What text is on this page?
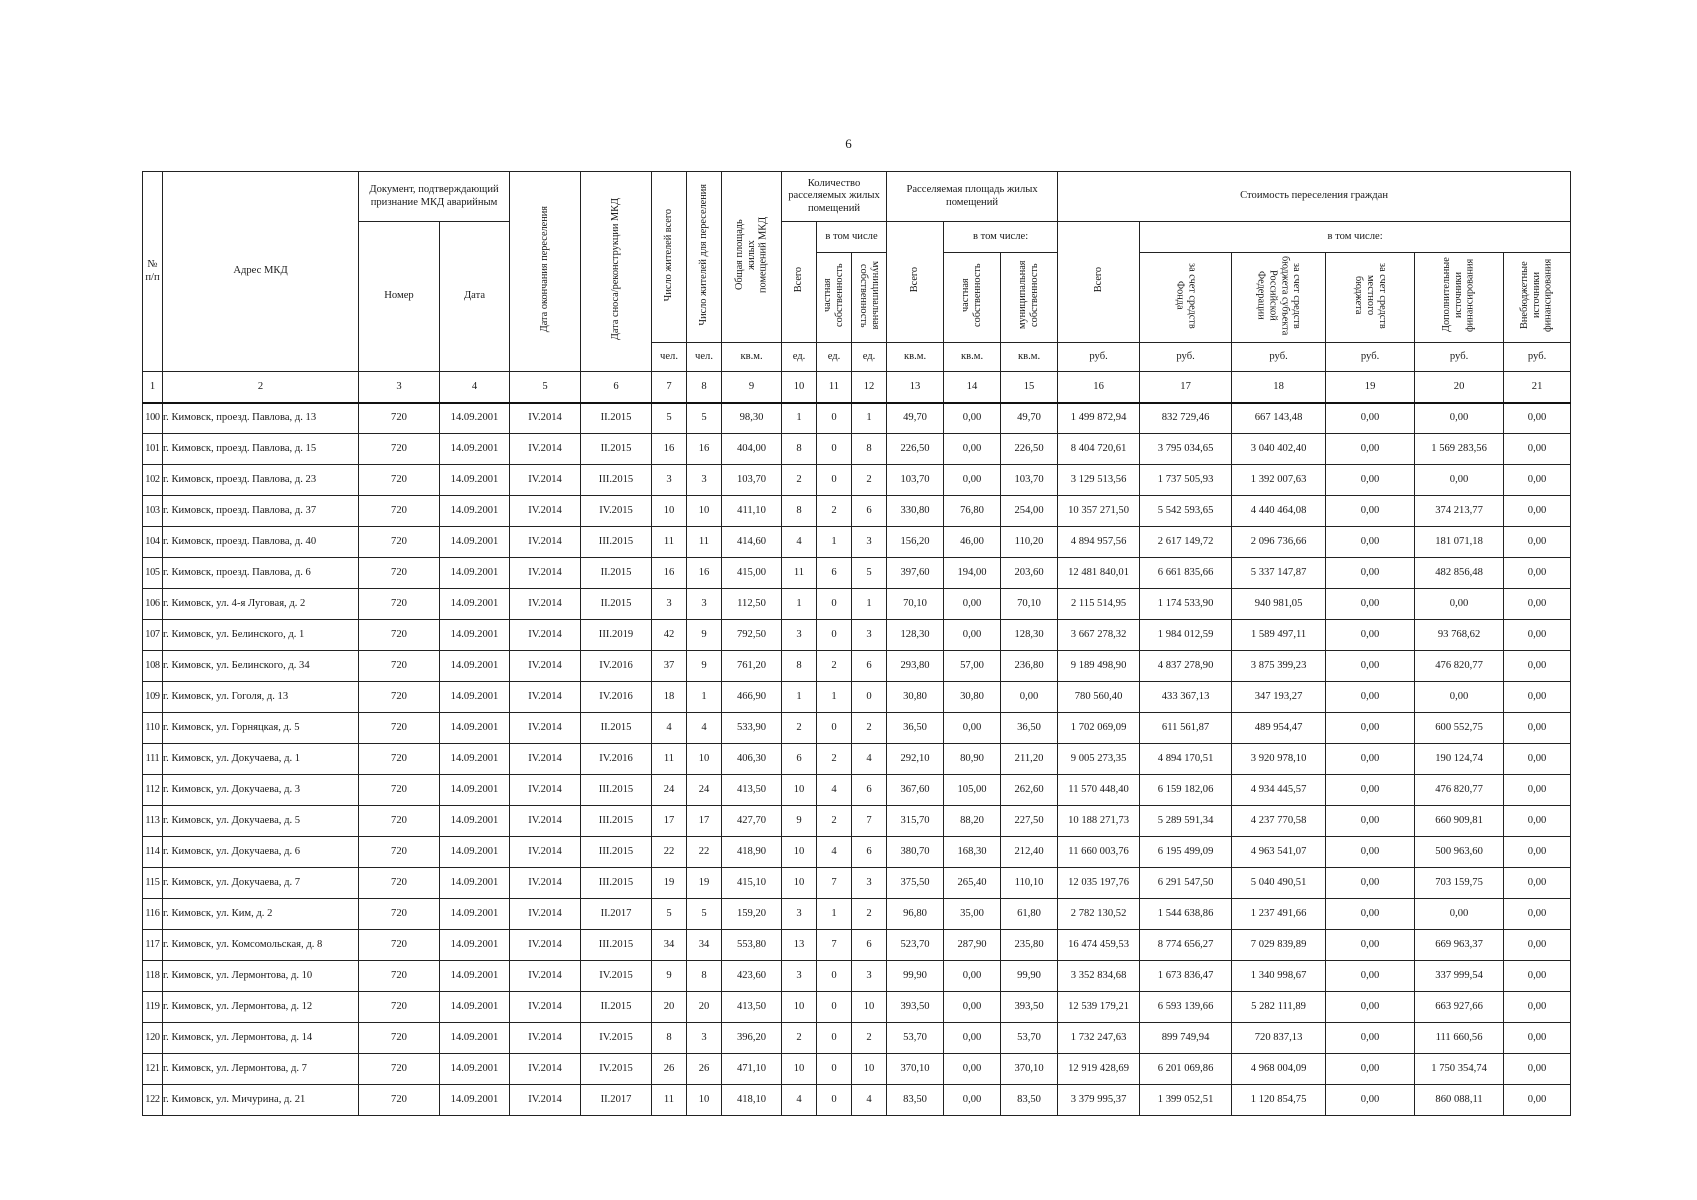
6
№ п/п	Адрес МКД	Документ, подтверждающий признание МКД аварийным		Дата окончания переселения	Дата сноса/реконструкции МКД	Число жителей всего	Число жителей для переселения	Общая площадь жилых помещений МКД	Количество расселяемых жилых помещений			Расселяемая площадь жилых помещений			Стоимость переселения граждан					
		Номер	Дата						Всего	в том числе		Всего	в том числе:		Всего	в том числе:				
										частная собственность	муниципальная собственность		частная собственность	муниципальная собственность		за счет средств Фонда	за счет средств бюджета субъекта Российской Федерации	за счет средств местного бюджета	Дополнительные источники финансирования	Внебюджетные источники финансирования
						чел.	чел.	кв.м.	ед.	ед.	ед.	кв.м.	кв.м.	кв.м.	руб.	руб.	руб.	руб.	руб.	руб.
1	2	3	4	5	6	7	8	9	10	11	12	13	14	15	16	17	18	19	20	21
100	г. Кимовск, проезд. Павлова, д. 13	720	14.09.2001	IV.2014	II.2015	5	5	98,30	1	0	1	49,70	0,00	49,70	1 499 872,94	832 729,46	667 143,48	0,00	0,00	0,00
101	г. Кимовск, проезд. Павлова, д. 15	720	14.09.2001	IV.2014	II.2015	16	16	404,00	8	0	8	226,50	0,00	226,50	8 404 720,61	3 795 034,65	3 040 402,40	0,00	1 569 283,56	0,00
102	г. Кимовск, проезд. Павлова, д. 23	720	14.09.2001	IV.2014	III.2015	3	3	103,70	2	0	2	103,70	0,00	103,70	3 129 513,56	1 737 505,93	1 392 007,63	0,00	0,00	0,00
103	г. Кимовск, проезд. Павлова, д. 37	720	14.09.2001	IV.2014	IV.2015	10	10	411,10	8	2	6	330,80	76,80	254,00	10 357 271,50	5 542 593,65	4 440 464,08	0,00	374 213,77	0,00
104	г. Кимовск, проезд. Павлова, д. 40	720	14.09.2001	IV.2014	III.2015	11	11	414,60	4	1	3	156,20	46,00	110,20	4 894 957,56	2 617 149,72	2 096 736,66	0,00	181 071,18	0,00
105	г. Кимовск, проезд. Павлова, д. 6	720	14.09.2001	IV.2014	II.2015	16	16	415,00	11	6	5	397,60	194,00	203,60	12 481 840,01	6 661 835,66	5 337 147,87	0,00	482 856,48	0,00
106	г. Кимовск, ул. 4-я Луговая, д. 2	720	14.09.2001	IV.2014	II.2015	3	3	112,50	1	0	1	70,10	0,00	70,10	2 115 514,95	1 174 533,90	940 981,05	0,00	0,00	0,00
107	г. Кимовск, ул. Белинского, д. 1	720	14.09.2001	IV.2014	III.2019	42	9	792,50	3	0	3	128,30	0,00	128,30	3 667 278,32	1 984 012,59	1 589 497,11	0,00	93 768,62	0,00
108	г. Кимовск, ул. Белинского, д. 34	720	14.09.2001	IV.2014	IV.2016	37	9	761,20	8	2	6	293,80	57,00	236,80	9 189 498,90	4 837 278,90	3 875 399,23	0,00	476 820,77	0,00
109	г. Кимовск, ул. Гоголя, д. 13	720	14.09.2001	IV.2014	IV.2016	18	1	466,90	1	1	0	30,80	30,80	0,00	780 560,40	433 367,13	347 193,27	0,00	0,00	0,00
110	г. Кимовск, ул. Горняцкая, д. 5	720	14.09.2001	IV.2014	II.2015	4	4	533,90	2	0	2	36,50	0,00	36,50	1 702 069,09	611 561,87	489 954,47	0,00	600 552,75	0,00
111	г. Кимовск, ул. Докучаева, д. 1	720	14.09.2001	IV.2014	IV.2016	11	10	406,30	6	2	4	292,10	80,90	211,20	9 005 273,35	4 894 170,51	3 920 978,10	0,00	190 124,74	0,00
112	г. Кимовск, ул. Докучаева, д. 3	720	14.09.2001	IV.2014	III.2015	24	24	413,50	10	4	6	367,60	105,00	262,60	11 570 448,40	6 159 182,06	4 934 445,57	0,00	476 820,77	0,00
113	г. Кимовск, ул. Докучаева, д. 5	720	14.09.2001	IV.2014	III.2015	17	17	427,70	9	2	7	315,70	88,20	227,50	10 188 271,73	5 289 591,34	4 237 770,58	0,00	660 909,81	0,00
114	г. Кимовск, ул. Докучаева, д. 6	720	14.09.2001	IV.2014	III.2015	22	22	418,90	10	4	6	380,70	168,30	212,40	11 660 003,76	6 195 499,09	4 963 541,07	0,00	500 963,60	0,00
115	г. Кимовск, ул. Докучаева, д. 7	720	14.09.2001	IV.2014	III.2015	19	19	415,10	10	7	3	375,50	265,40	110,10	12 035 197,76	6 291 547,50	5 040 490,51	0,00	703 159,75	0,00
116	г. Кимовск, ул. Ким, д. 2	720	14.09.2001	IV.2014	II.2017	5	5	159,20	3	1	2	96,80	35,00	61,80	2 782 130,52	1 544 638,86	1 237 491,66	0,00	0,00	0,00
117	г. Кимовск, ул. Комсомольская, д. 8	720	14.09.2001	IV.2014	III.2015	34	34	553,80	13	7	6	523,70	287,90	235,80	16 474 459,53	8 774 656,27	7 029 839,89	0,00	669 963,37	0,00
118	г. Кимовск, ул. Лермонтова, д. 10	720	14.09.2001	IV.2014	IV.2015	9	8	423,60	3	0	3	99,90	0,00	99,90	3 352 834,68	1 673 836,47	1 340 998,67	0,00	337 999,54	0,00
119	г. Кимовск, ул. Лермонтова, д. 12	720	14.09.2001	IV.2014	II.2015	20	20	413,50	10	0	10	393,50	0,00	393,50	12 539 179,21	6 593 139,66	5 282 111,89	0,00	663 927,66	0,00
120	г. Кимовск, ул. Лермонтова, д. 14	720	14.09.2001	IV.2014	IV.2015	8	3	396,20	2	0	2	53,70	0,00	53,70	1 732 247,63	899 749,94	720 837,13	0,00	111 660,56	0,00
121	г. Кимовск, ул. Лермонтова, д. 7	720	14.09.2001	IV.2014	IV.2015	26	26	471,10	10	0	10	370,10	0,00	370,10	12 919 428,69	6 201 069,86	4 968 004,09	0,00	1 750 354,74	0,00
122	г. Кимовск, ул. Мичурина, д. 21	720	14.09.2001	IV.2014	II.2017	11	10	418,10	4	0	4	83,50	0,00	83,50	3 379 995,37	1 399 052,51	1 120 854,75	0,00	860 088,11	0,00
